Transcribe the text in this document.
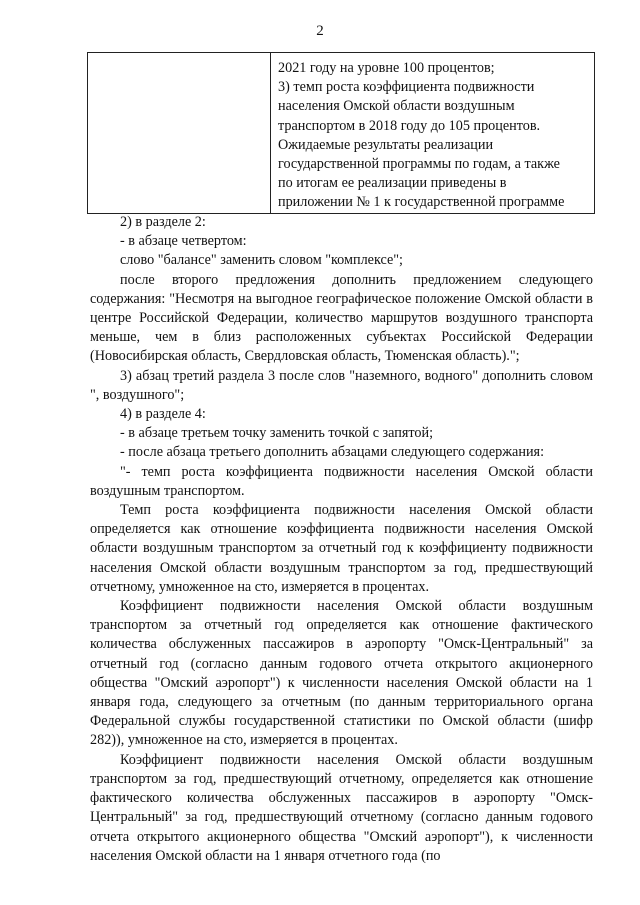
2

2021 году на уровне 100 процентов;
3) темп роста коэффициента подвижности
населения Омской области воздушным
транспортом в 2018 году до 105 процентов.
Ожидаемые результаты реализации
государственной программы по годам, а также
по итогам ее реализации приведены в
приложении № 1 к государственной программе

2) в разделе 2:

- в абзаце четвертом:

слово "балансе" заменить словом "комплексе";

после второго предложения дополнить предложением следующего содержания: "Несмотря на выгодное географическое положение Омской области в центре Российской Федерации, количество маршрутов воздушного транспорта меньше, чем в близ расположенных субъектах Российской Федерации (Новосибирская область, Свердловская область, Тюменская область).";

3) абзац третий раздела 3 после слов "наземного, водного" дополнить словом ", воздушного";

4) в разделе 4:

- в абзаце третьем точку заменить точкой с запятой;

- после абзаца третьего дополнить абзацами следующего содержания:

"- темп роста коэффициента подвижности населения Омской области воздушным транспортом.

Темп роста коэффициента подвижности населения Омской области определяется как отношение коэффициента подвижности населения Омской области воздушным транспортом за отчетный год к коэффициенту подвижности населения Омской области воздушным транспортом за год, предшествующий отчетному, умноженное на сто, измеряется в процентах.

Коэффициент подвижности населения Омской области воздушным транспортом за отчетный год определяется как отношение фактического количества обслуженных пассажиров в аэропорту "Омск-Центральный" за отчетный год (согласно данным годового отчета открытого акционерного общества "Омский аэропорт") к численности населения Омской области на 1 января года, следующего за отчетным (по данным территориального органа Федеральной службы государственной статистики по Омской области (шифр 282)), умноженное на сто, измеряется в процентах.

Коэффициент подвижности населения Омской области воздушным транспортом за год, предшествующий отчетному, определяется как отношение фактического количества обслуженных пассажиров в аэропорту "Омск-Центральный" за год, предшествующий отчетному (согласно данным годового отчета открытого акционерного общества "Омский аэропорт"), к численности населения Омской области на 1 января отчетного года (по
